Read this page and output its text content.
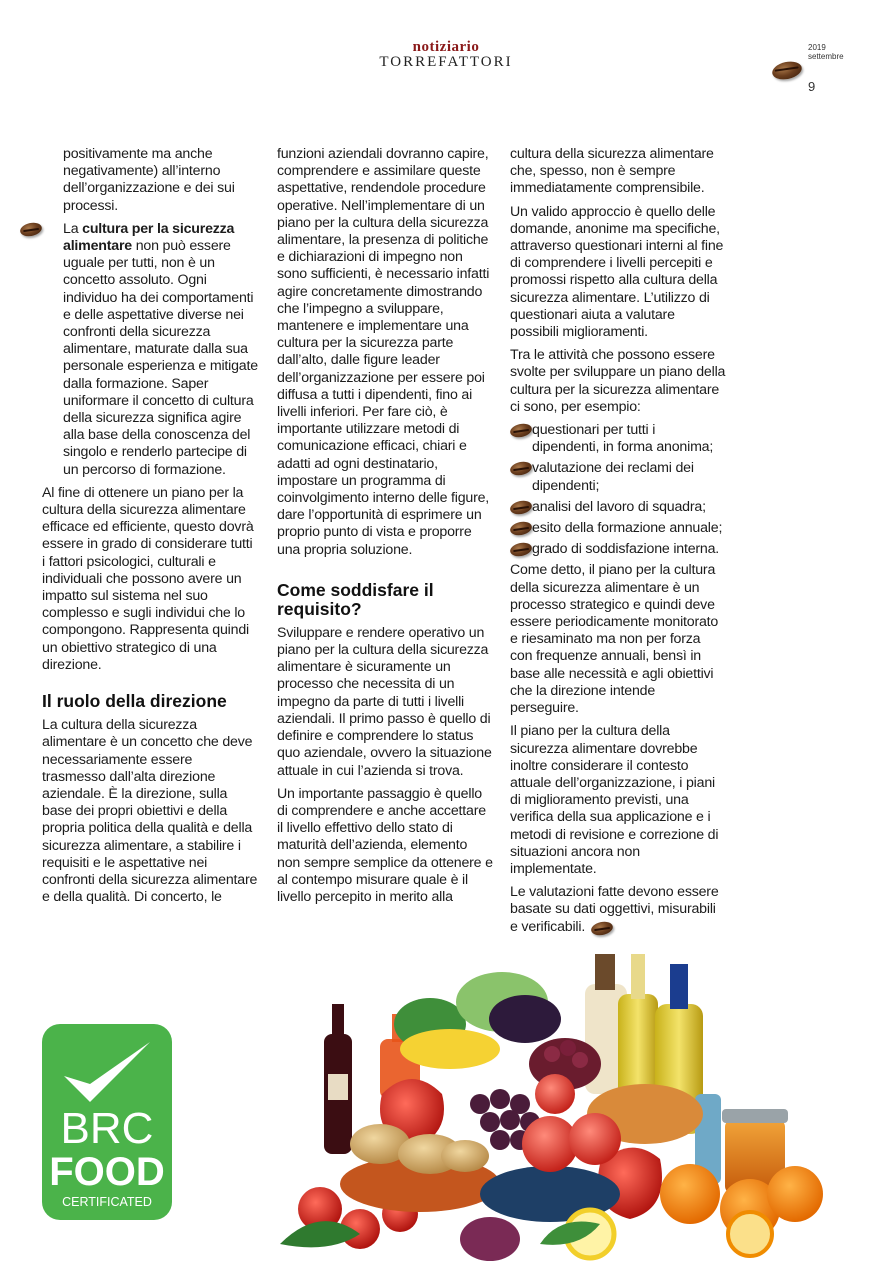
notiziario
TORREFATTORI
2019
settembre
9

positivamente ma anche negativamente) all’interno dell’organizzazione e dei sui processi.

La cultura per la sicurezza alimentare non può essere uguale per tutti, non è un concetto assoluto. Ogni individuo ha dei comportamenti e delle aspettative diverse nei confronti della sicurezza alimentare, maturate dalla sua personale esperienza e mitigate dalla formazione. Saper uniformare il concetto di cultura della sicurezza significa agire alla base della conoscenza del singolo e renderlo partecipe di un percorso di formazione.

Al fine di ottenere un piano per la cultura della sicurezza alimentare efficace ed efficiente, questo dovrà essere in grado di considerare tutti i fattori psicologici, culturali e individuali che possono avere un impatto sul sistema nel suo complesso e sugli individui che lo compongono. Rappresenta quindi un obiettivo strategico di una direzione.

Il ruolo della direzione

La cultura della sicurezza alimentare è un concetto che deve necessariamente essere trasmesso dall’alta direzione aziendale. È la direzione, sulla base dei propri obiettivi e della propria politica della qualità e della sicurezza alimentare, a stabilire i requisiti e le aspettative nei confronti della sicurezza alimentare e della qualità. Di concerto, le

funzioni aziendali dovranno capire, comprendere e assimilare queste aspettative, rendendole procedure operative. Nell’implementare di un piano per la cultura della sicurezza alimentare, la presenza di politiche e dichiarazioni di impegno non sono sufficienti, è necessario infatti agire concretamente dimostrando che l’impegno a sviluppare, mantenere e implementare una cultura per la sicurezza parte dall’alto, dalle figure leader dell’organizzazione per essere poi diffusa a tutti i dipendenti, fino ai livelli inferiori. Per fare ciò, è importante utilizzare metodi di comunicazione efficaci, chiari e adatti ad ogni destinatario, impostare un programma di coinvolgimento interno delle figure, dare l’opportunità di esprimere un proprio punto di vista e proporre una propria soluzione.

Come soddisfare il requisito?

Sviluppare e rendere operativo un piano per la cultura della sicurezza alimentare è sicuramente un processo che necessita di un impegno da parte di tutti i livelli aziendali. Il primo passo è quello di definire e comprendere lo status quo aziendale, ovvero la situazione attuale in cui l’azienda si trova.

Un importante passaggio è quello di comprendere e anche accettare il livello effettivo dello stato di maturità dell’azienda, elemento non sempre semplice da ottenere e al contempo misurare quale è il livello percepito in merito alla

cultura della sicurezza alimentare che, spesso, non è sempre immediatamente comprensibile.

Un valido approccio è quello delle domande, anonime ma specifiche, attraverso questionari interni al fine di comprendere i livelli percepiti e promossi rispetto alla cultura della sicurezza alimentare. L’utilizzo di questionari aiuta a valutare possibili miglioramenti.

Tra le attività che possono essere svolte per sviluppare un piano della cultura per la sicurezza alimentare ci sono, per esempio:

questionari per tutti i dipendenti, in forma anonima;
valutazione dei reclami dei dipendenti;
analisi del lavoro di squadra;
esito della formazione annuale;
grado di soddisfazione interna.

Come detto, il piano per la cultura della sicurezza alimentare è un processo strategico e quindi deve essere periodicamente monitorato e riesaminato ma non per forza con frequenze annuali, bensì in base alle necessità e agli obiettivi che la direzione intende perseguire.

Il piano per la cultura della sicurezza alimentare dovrebbe inoltre considerare il contesto attuale dell’organizzazione, i piani di miglioramento previsti, una verifica della sua applicazione e i metodi di revisione e correzione di situazioni ancora non implementate.

Le valutazioni fatte devono essere basate su dati oggettivi, misurabili e verificabili.

BRC
FOOD
CERTIFICATED
